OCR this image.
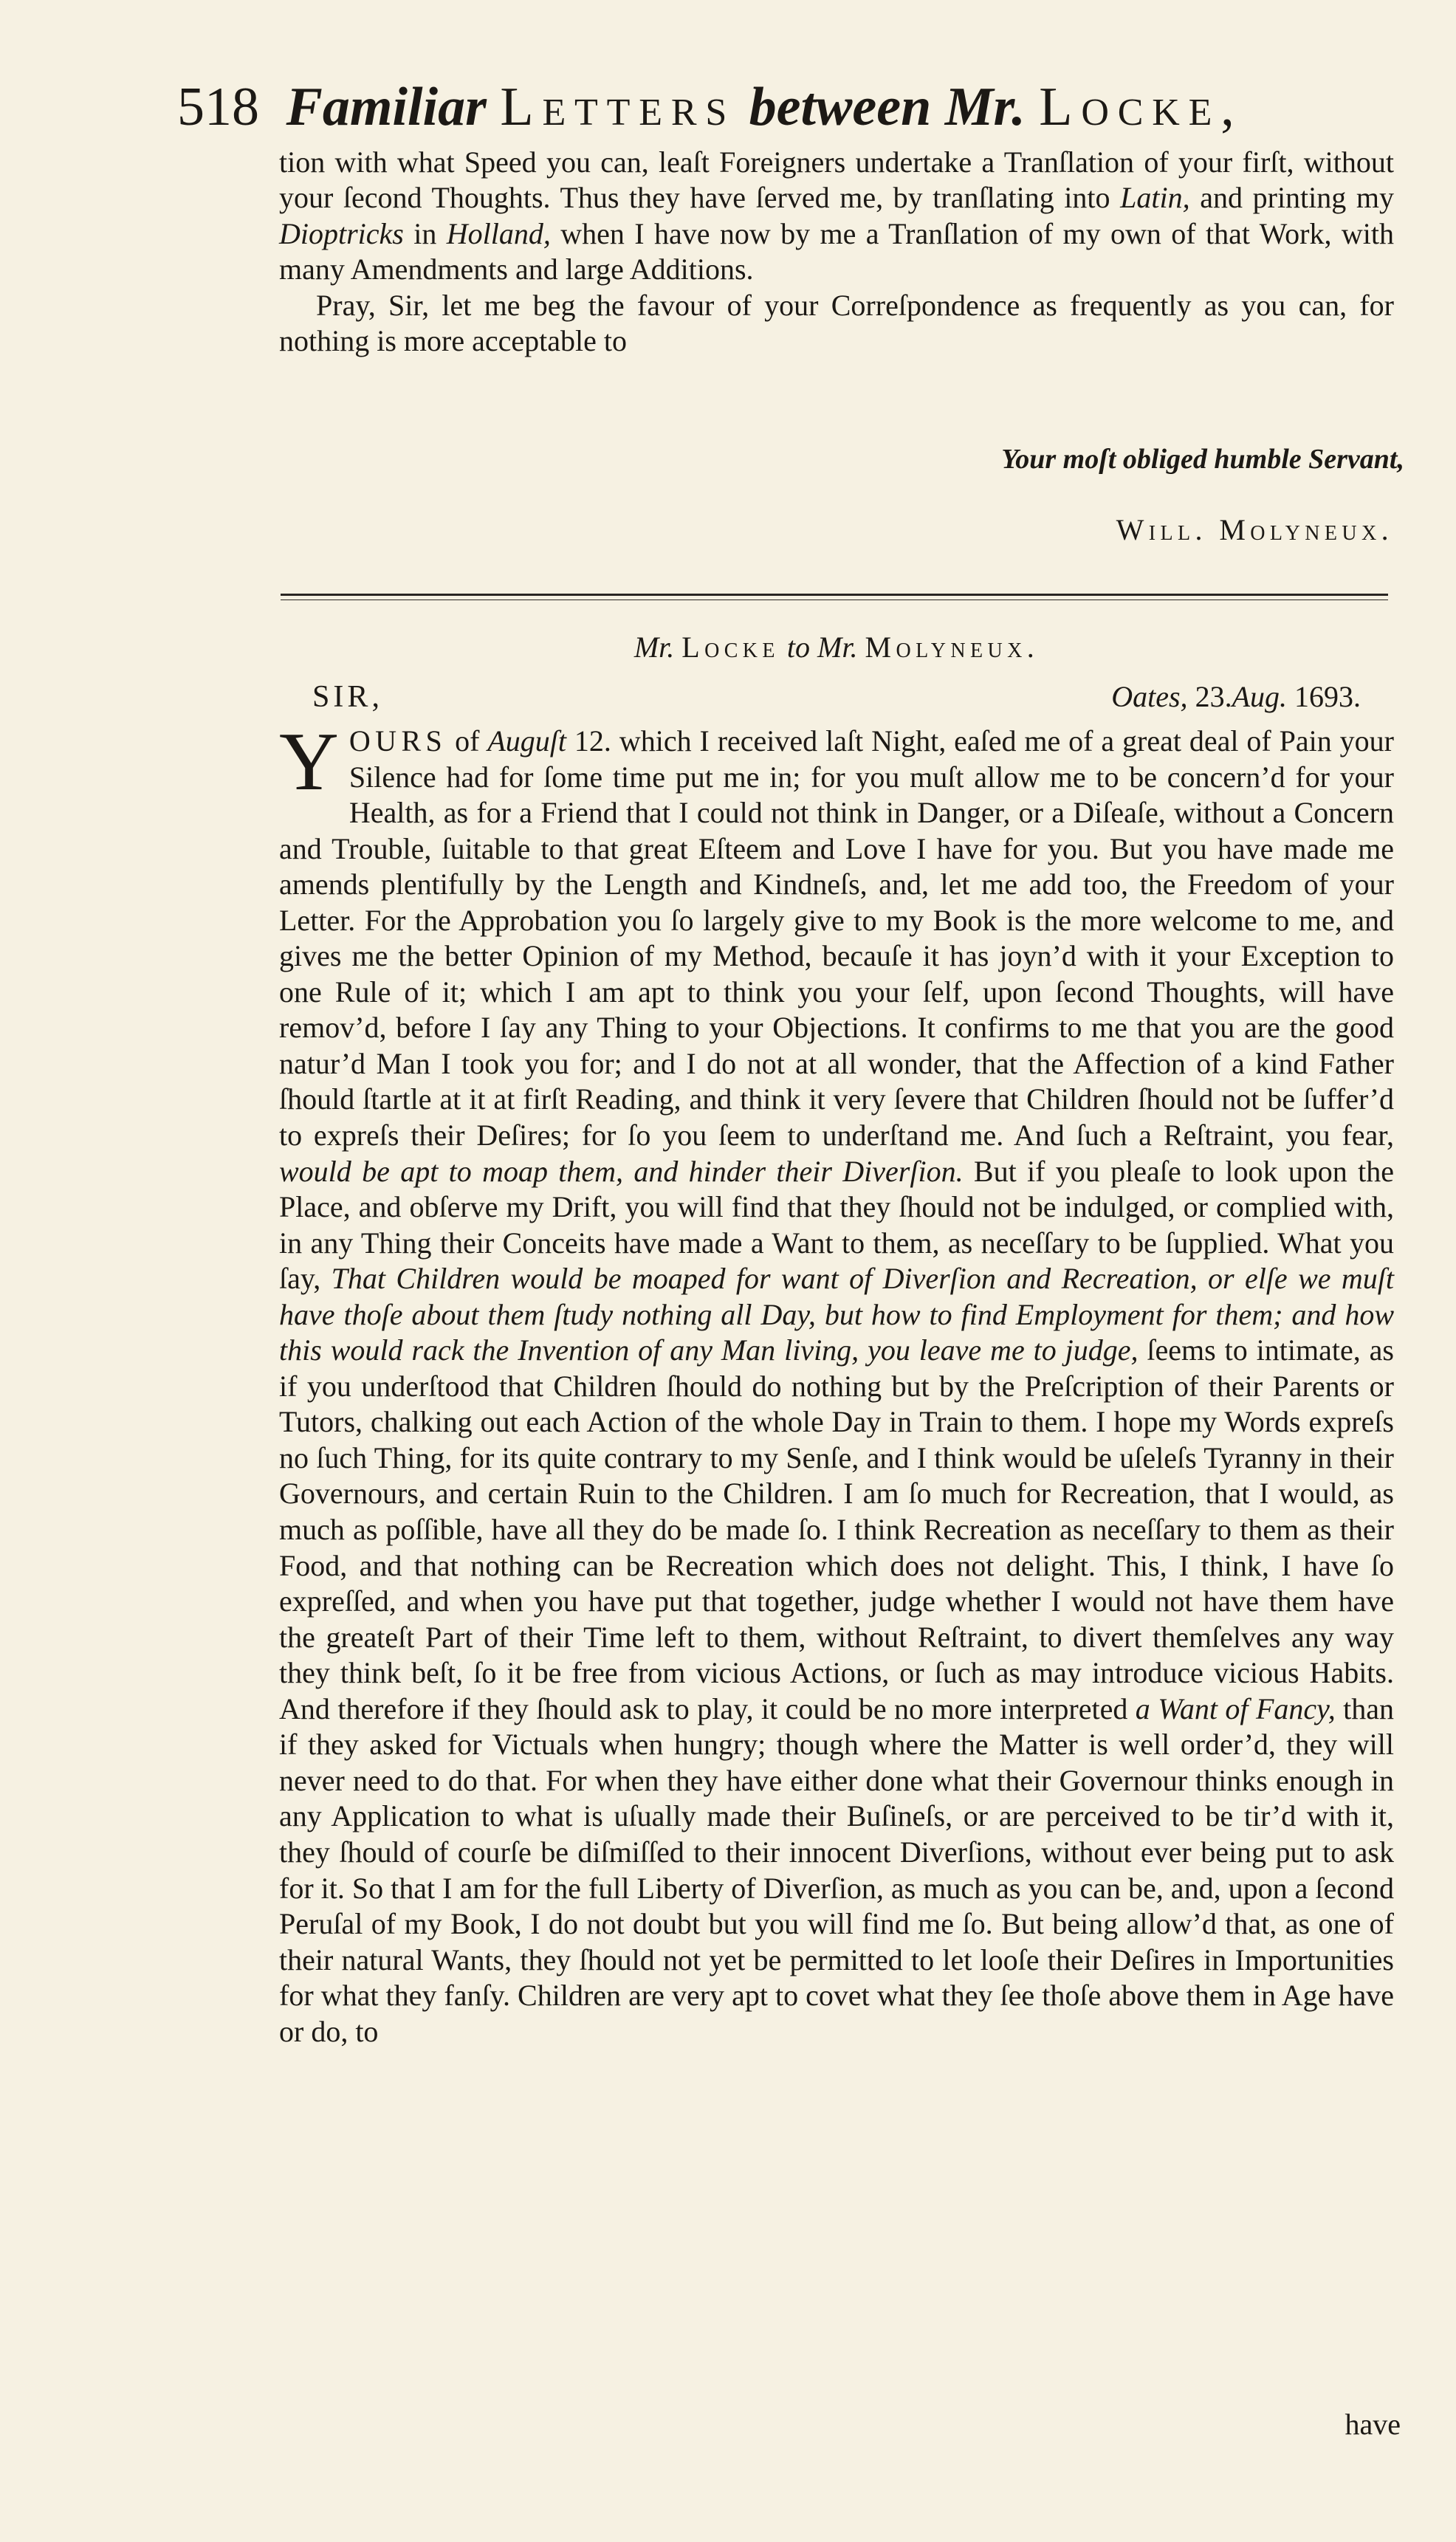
518 Familiar Letters between Mr. Locke,

tion with what Speed you can, leaſt Foreigners undertake a Tranſlation of your firſt, without your ſecond Thoughts. Thus they have ſerved me, by tranſlating into Latin, and printing my Dioptricks in Holland, when I have now by me a Tranſlation of my own of that Work, with many Amendments and large Additions.

Pray, Sir, let me beg the favour of your Correſpondence as frequently as you can, for nothing is more acceptable to

Your moſt obliged humble Servant,
Will. Molyneux.
Mr. Locke to Mr. Molyneux.
SIR,	Oates, 23.Aug. 1693.

Y OURS of Auguſt 12. which I received laſt Night, eaſed me of a great deal of Pain your Silence had for ſome time put me in; for you muſt allow me to be concern’d for your Health, as for a Friend that I could not think in Danger, or a Diſeaſe, without a Concern and Trouble, ſuitable to that great Eſteem and Love I have for you. But you have made me amends plentifully by the Length and Kindneſs, and, let me add too, the Freedom of your Letter. For the Approbation you ſo largely give to my Book is the more welcome to me, and gives me the better Opinion of my Method, becauſe it has joyn’d with it your Exception to one Rule of it; which I am apt to think you your ſelf, upon ſecond Thoughts, will have remov’d, before I ſay any Thing to your Objections. It confirms to me that you are the good natur’d Man I took you for; and I do not at all wonder, that the Affection of a kind Father ſhould ſtartle at it at firſt Reading, and think it very ſevere that Children ſhould not be ſuffer’d to expreſs their Deſires; for ſo you ſeem to underſtand me. And ſuch a Reſtraint, you fear, would be apt to moap them, and hinder their Diverſion. But if you pleaſe to look upon the Place, and obſerve my Drift, you will find that they ſhould not be indulged, or complied with, in any Thing their Conceits have made a Want to them, as neceſſary to be ſupplied. What you ſay, That Children would be moaped for want of Diverſion and Recreation, or elſe we muſt have thoſe about them ſtudy nothing all Day, but how to find Employment for them; and how this would rack the Invention of any Man living, you leave me to judge, ſeems to intimate, as if you underſtood that Children ſhould do nothing but by the Preſcription of their Parents or Tutors, chalking out each Action of the whole Day in Train to them. I hope my Words expreſs no ſuch Thing, for its quite contrary to my Senſe, and I think would be uſeleſs Tyranny in their Governours, and certain Ruin to the Children. I am ſo much for Recreation, that I would, as much as poſſible, have all they do be made ſo. I think Recreation as neceſſary to them as their Food, and that nothing can be Recreation which does not delight. This, I think, I have ſo expreſſed, and when you have put that together, judge whether I would not have them have the greateſt Part of their Time left to them, without Reſtraint, to divert themſelves any way they think beſt, ſo it be free from vicious Actions, or ſuch as may introduce vicious Habits. And therefore if they ſhould ask to play, it could be no more interpreted a Want of Fancy, than if they asked for Victuals when hungry; though where the Matter is well order’d, they will never need to do that. For when they have either done what their Governour thinks enough in any Application to what is uſually made their Buſineſs, or are perceived to be tir’d with it, they ſhould of courſe be diſmiſſed to their innocent Diverſions, without ever being put to ask for it. So that I am for the full Liberty of Diverſion, as much as you can be, and, upon a ſecond Peruſal of my Book, I do not doubt but you will find me ſo. But being allow’d that, as one of their natural Wants, they ſhould not yet be permitted to let looſe their Deſires in Importunities for what they fanſy. Children are very apt to covet what they ſee thoſe above them in Age have or do, to

have
